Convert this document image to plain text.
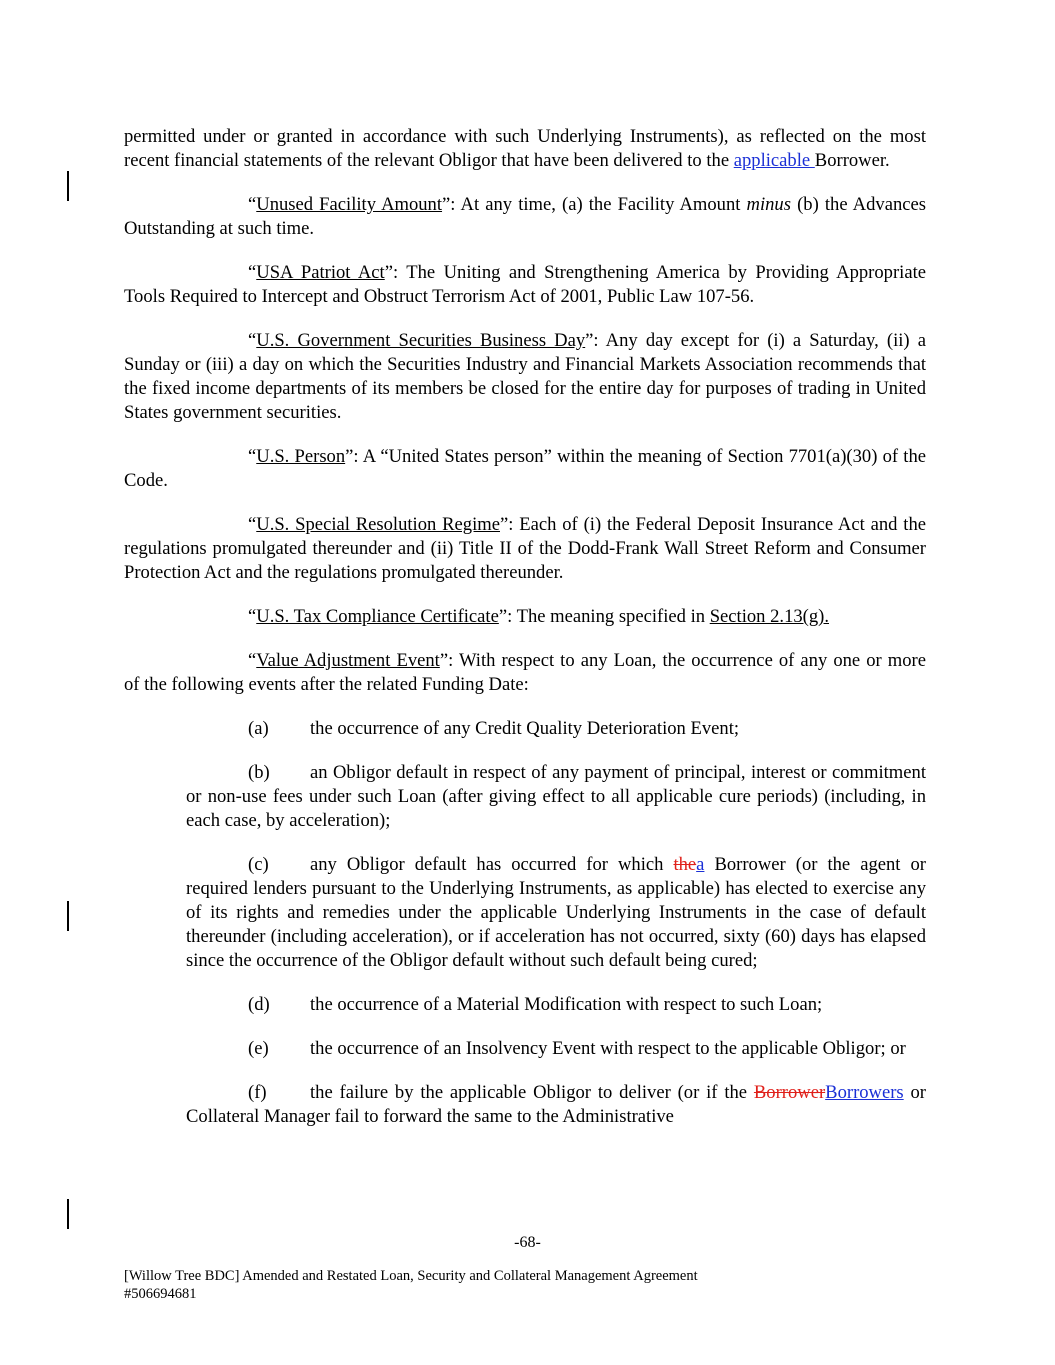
permitted under or granted in accordance with such Underlying Instruments), as reflected on the most recent financial statements of the relevant Obligor that have been delivered to the applicable Borrower.

“Unused Facility Amount”: At any time, (a) the Facility Amount minus (b) the Advances Outstanding at such time.

“USA Patriot Act”: The Uniting and Strengthening America by Providing Appropriate Tools Required to Intercept and Obstruct Terrorism Act of 2001, Public Law 107-56.

“U.S. Government Securities Business Day”: Any day except for (i) a Saturday, (ii) a Sunday or (iii) a day on which the Securities Industry and Financial Markets Association recommends that the fixed income departments of its members be closed for the entire day for purposes of trading in United States government securities.

“U.S. Person”: A “United States person” within the meaning of Section 7701(a)(30) of the Code.

“U.S. Special Resolution Regime”: Each of (i) the Federal Deposit Insurance Act and the regulations promulgated thereunder and (ii) Title II of the Dodd-Frank Wall Street Reform and Consumer Protection Act and the regulations promulgated thereunder.

“U.S. Tax Compliance Certificate”: The meaning specified in Section 2.13(g).

“Value Adjustment Event”: With respect to any Loan, the occurrence of any one or more of the following events after the related Funding Date:

(a) the occurrence of any Credit Quality Deterioration Event;

(b) an Obligor default in respect of any payment of principal, interest or commitment or non-use fees under such Loan (after giving effect to all applicable cure periods) (including, in each case, by acceleration);

(c) any Obligor default has occurred for which thea Borrower (or the agent or required lenders pursuant to the Underlying Instruments, as applicable) has elected to exercise any of its rights and remedies under the applicable Underlying Instruments in the case of default thereunder (including acceleration), or if acceleration has not occurred, sixty (60) days has elapsed since the occurrence of the Obligor default without such default being cured;

(d) the occurrence of a Material Modification with respect to such Loan;

(e) the occurrence of an Insolvency Event with respect to the applicable Obligor; or

(f) the failure by the applicable Obligor to deliver (or if the BorrowerBorrowers or Collateral Manager fail to forward the same to the Administrative

-68-
[Willow Tree BDC] Amended and Restated Loan, Security and Collateral Management Agreement
#506694681
